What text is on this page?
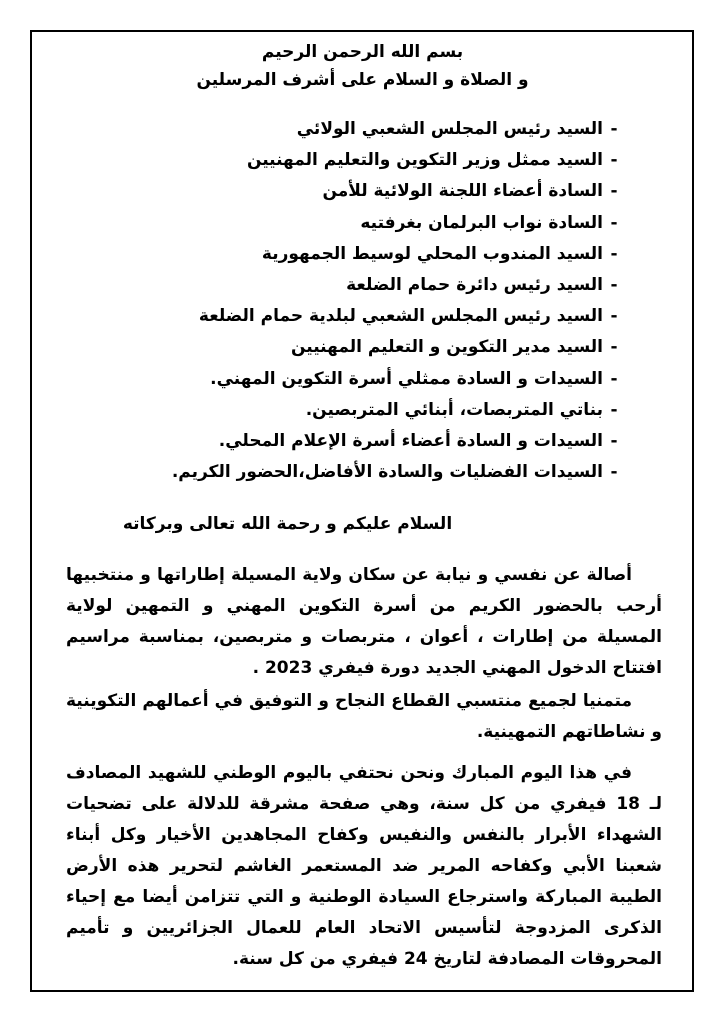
بسم الله الرحمن الرحيم
و الصلاة و السلام على أشرف المرسلين
-السيد رئيس المجلس الشعبي الولائي
-السيد ممثل وزير التكوين والتعليم المهنيين
-السادة أعضاء اللجنة الولائية للأمن
-السادة نواب البرلمان بغرفتيه
-السيد المندوب المحلي لوسيط الجمهورية
-السيد رئيس دائرة حمام الضلعة
-السيد رئيس المجلس الشعبي لبلدية حمام الضلعة
-السيد مدير التكوين و التعليم المهنيين
-السيدات و السادة ممثلي أسرة التكوين المهني.
-بناتي المتربصات، أبنائي المتربصين.
-السيدات و السادة أعضاء أسرة الإعلام المحلي.
-السيدات الفضليات والسادة الأفاضل،الحضور الكريم.
السلام عليكم و رحمة الله تعالى وبركاته

أصالة عن نفسي و نيابة عن سكان ولاية المسيلة إطاراتها و منتخبيها أرحب بالحضور الكريم من أسرة التكوين المهني و التمهين لولاية المسيلة من إطارات ، أعوان ، متربصات و متربصين، بمناسبة مراسيم افتتاح الدخول المهني الجديد دورة فيفري 2023 .

متمنيا لجميع منتسبي القطاع النجاح و التوفيق في أعمالهم التكوينية و نشاطاتهم التمهينية.

في هذا اليوم المبارك ونحن نحتفي باليوم الوطني للشهيد المصادف لـ 18 فيفري من كل سنة، وهي صفحة مشرقة للدلالة على تضحيات الشهداء الأبرار بالنفس والنفيس وكفاح المجاهدين الأخيار وكل أبناء شعبنا الأبي وكفاحه المرير ضد المستعمر الغاشم لتحرير هذه الأرض الطيبة المباركة واسترجاع السيادة الوطنية و التي تتزامن أيضا مع إحياء الذكرى المزدوجة لتأسيس الاتحاد العام للعمال الجزائريين و تأميم المحروقات المصادفة لتاريخ 24 فيفري من كل سنة.
